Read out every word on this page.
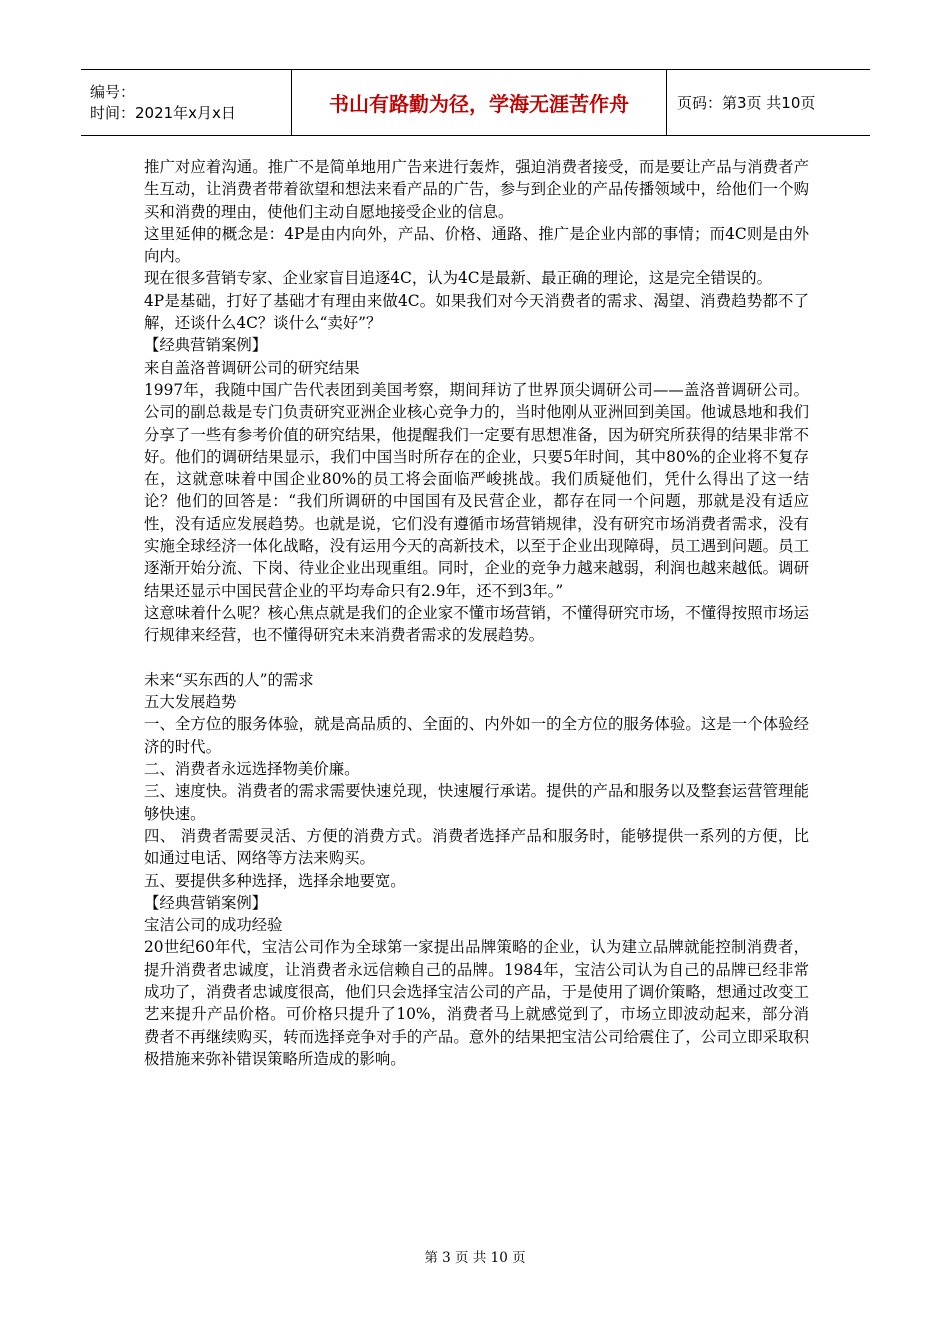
编号：
时间：2021年x月x日	书山有路勤为径，学海无涯苦作舟	页码：第3页 共10页

推广对应着沟通。推广不是简单地用广告来进行轰炸，强迫消费者接受，而是要让产品与消费者产生互动，让消费者带着欲望和想法来看产品的广告，参与到企业的产品传播领域中，给他们一个购买和消费的理由，使他们主动自愿地接受企业的信息。

这里延伸的概念是：4P是由内向外，产品、价格、通路、推广是企业内部的事情；而4C则是由外向内。

现在很多营销专家、企业家盲目追逐4C，认为4C是最新、最正确的理论，这是完全错误的。

4P是基础，打好了基础才有理由来做4C。如果我们对今天消费者的需求、渴望、消费趋势都不了解，还谈什么4C？谈什么“卖好”？

【经典营销案例】

来自盖洛普调研公司的研究结果

1997年，我随中国广告代表团到美国考察，期间拜访了世界顶尖调研公司——盖洛普调研公司。公司的副总裁是专门负责研究亚洲企业核心竞争力的，当时他刚从亚洲回到美国。他诚恳地和我们分享了一些有参考价值的研究结果，他提醒我们一定要有思想准备，因为研究所获得的结果非常不好。他们的调研结果显示，我们中国当时所存在的企业，只要5年时间，其中80%的企业将不复存在，这就意味着中国企业80%的员工将会面临严峻挑战。我们质疑他们，凭什么得出了这一结论？他们的回答是：“我们所调研的中国国有及民营企业，都存在同一个问题，那就是没有适应性，没有适应发展趋势。也就是说，它们没有遵循市场营销规律，没有研究市场消费者需求，没有实施全球经济一体化战略，没有运用今天的高新技术，以至于企业出现障碍，员工遇到问题。员工逐渐开始分流、下岗、待业企业出现重组。同时，企业的竞争力越来越弱，利润也越来越低。调研结果还显示中国民营企业的平均寿命只有2.9年，还不到3年。”

这意味着什么呢？核心焦点就是我们的企业家不懂市场营销，不懂得研究市场，不懂得按照市场运行规律来经营，也不懂得研究未来消费者需求的发展趋势。

未来“买东西的人”的需求

五大发展趋势

一、全方位的服务体验，就是高品质的、全面的、内外如一的全方位的服务体验。这是一个体验经济的时代。

二、消费者永远选择物美价廉。

三、速度快。消费者的需求需要快速兑现，快速履行承诺。提供的产品和服务以及整套运营管理能够快速。

四、 消费者需要灵活、方便的消费方式。消费者选择产品和服务时，能够提供一系列的方便，比如通过电话、网络等方法来购买。

五、要提供多种选择，选择余地要宽。

【经典营销案例】

宝洁公司的成功经验

20世纪60年代，宝洁公司作为全球第一家提出品牌策略的企业，认为建立品牌就能控制消费者，提升消费者忠诚度，让消费者永远信赖自己的品牌。1984年，宝洁公司认为自己的品牌已经非常成功了，消费者忠诚度很高，他们只会选择宝洁公司的产品，于是使用了调价策略，想通过改变工艺来提升产品价格。可价格只提升了10%，消费者马上就感觉到了，市场立即波动起来，部分消费者不再继续购买，转而选择竞争对手的产品。意外的结果把宝洁公司给震住了，公司立即采取积极措施来弥补错误策略所造成的影响。

第 3 页 共 10 页
